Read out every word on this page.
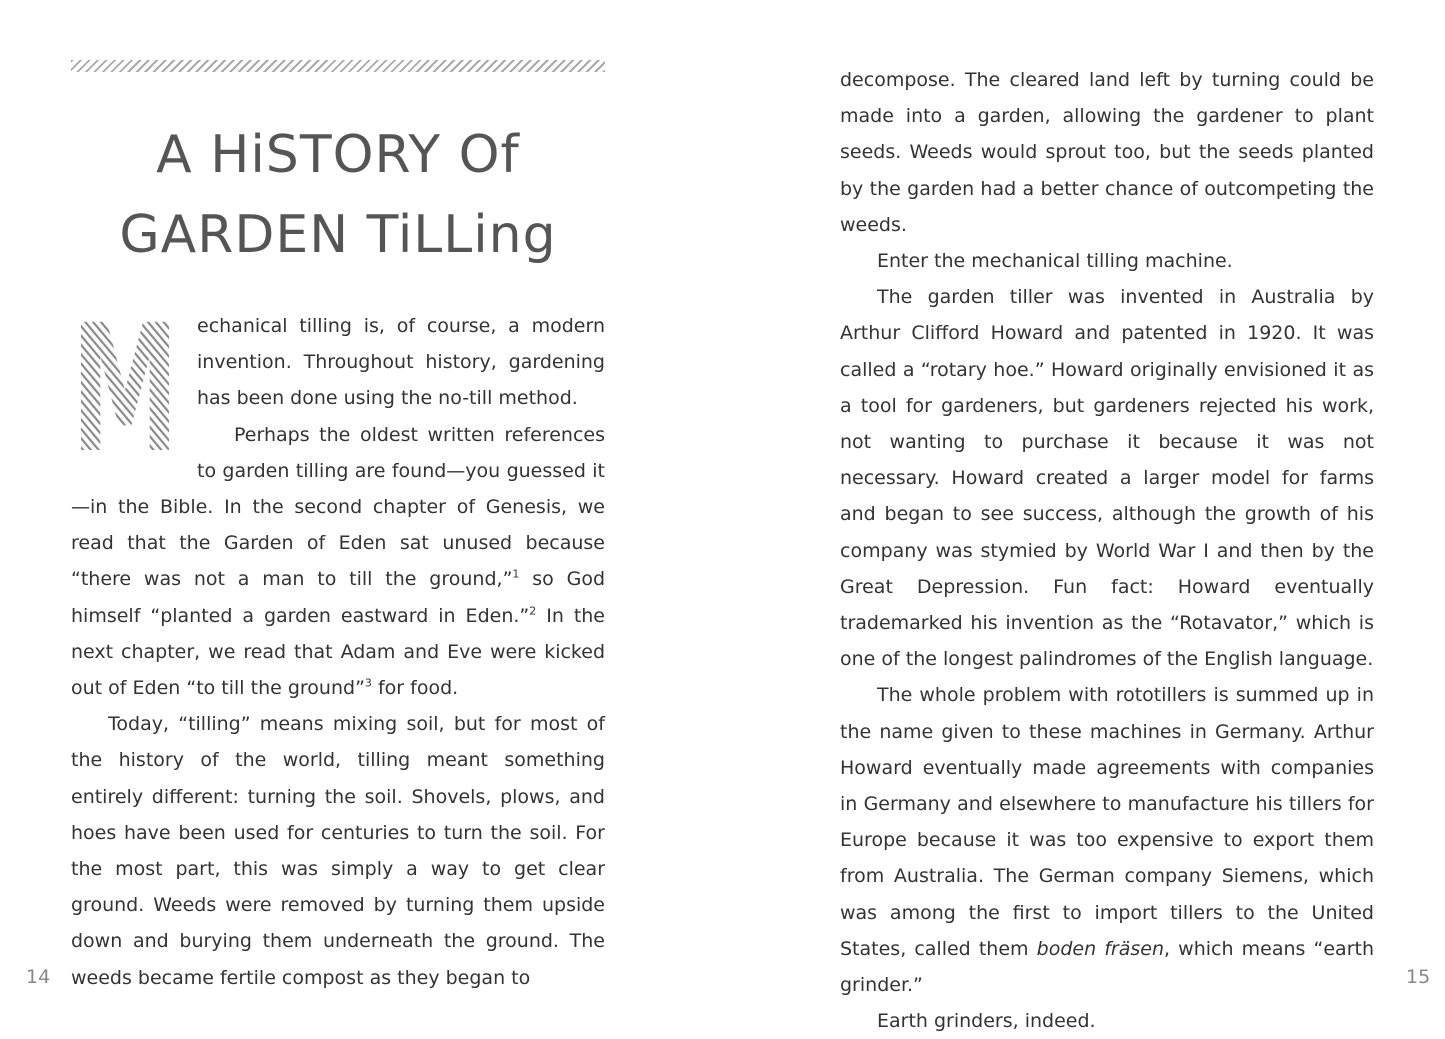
A HiSTORY Of GARDEN TiLLing
M echanical tilling is, of course, a modern invention. Throughout history, gardening has been done using the no-till method.

Perhaps the oldest written references to garden tilling are found—you guessed it—in the Bible. In the second chapter of Genesis, we read that the Garden of Eden sat unused because “there was not a man to till the ground,”$^1$ so God himself “planted a garden eastward in Eden.”$^2$ In the next chapter, we read that Adam and Eve were kicked out of Eden “to till the ground”$^3$ for food.

Today, “tilling” means mixing soil, but for most of the history of the world, tilling meant something entirely different: turning the soil. Shovels, plows, and hoes have been used for centuries to turn the soil. For the most part, this was simply a way to get clear ground. Weeds were removed by turning them upside down and burying them underneath the ground. The weeds became fertile compost as they began to

14

decompose. The cleared land left by turning could be made into a garden, allowing the gardener to plant seeds. Weeds would sprout too, but the seeds planted by the garden had a better chance of outcompeting the weeds.

Enter the mechanical tilling machine.

The garden tiller was invented in Australia by Arthur Clifford Howard and patented in 1920. It was called a “rotary hoe.” Howard originally envisioned it as a tool for gardeners, but gardeners rejected his work, not wanting to purchase it because it was not necessary. Howard created a larger model for farms and began to see success, although the growth of his company was stymied by World War I and then by the Great Depression. Fun fact: Howard eventually trademarked his invention as the “Rotavator,” which is one of the longest palindromes of the English language.

The whole problem with rototillers is summed up in the name given to these machines in Germany. Arthur Howard eventually made agreements with companies in Germany and elsewhere to manufacture his tillers for Europe because it was too expensive to export them from Australia. The German company Siemens, which was among the first to import tillers to the United States, called them boden fräsen, which means “earth grinder.”

Earth grinders, indeed.

15
